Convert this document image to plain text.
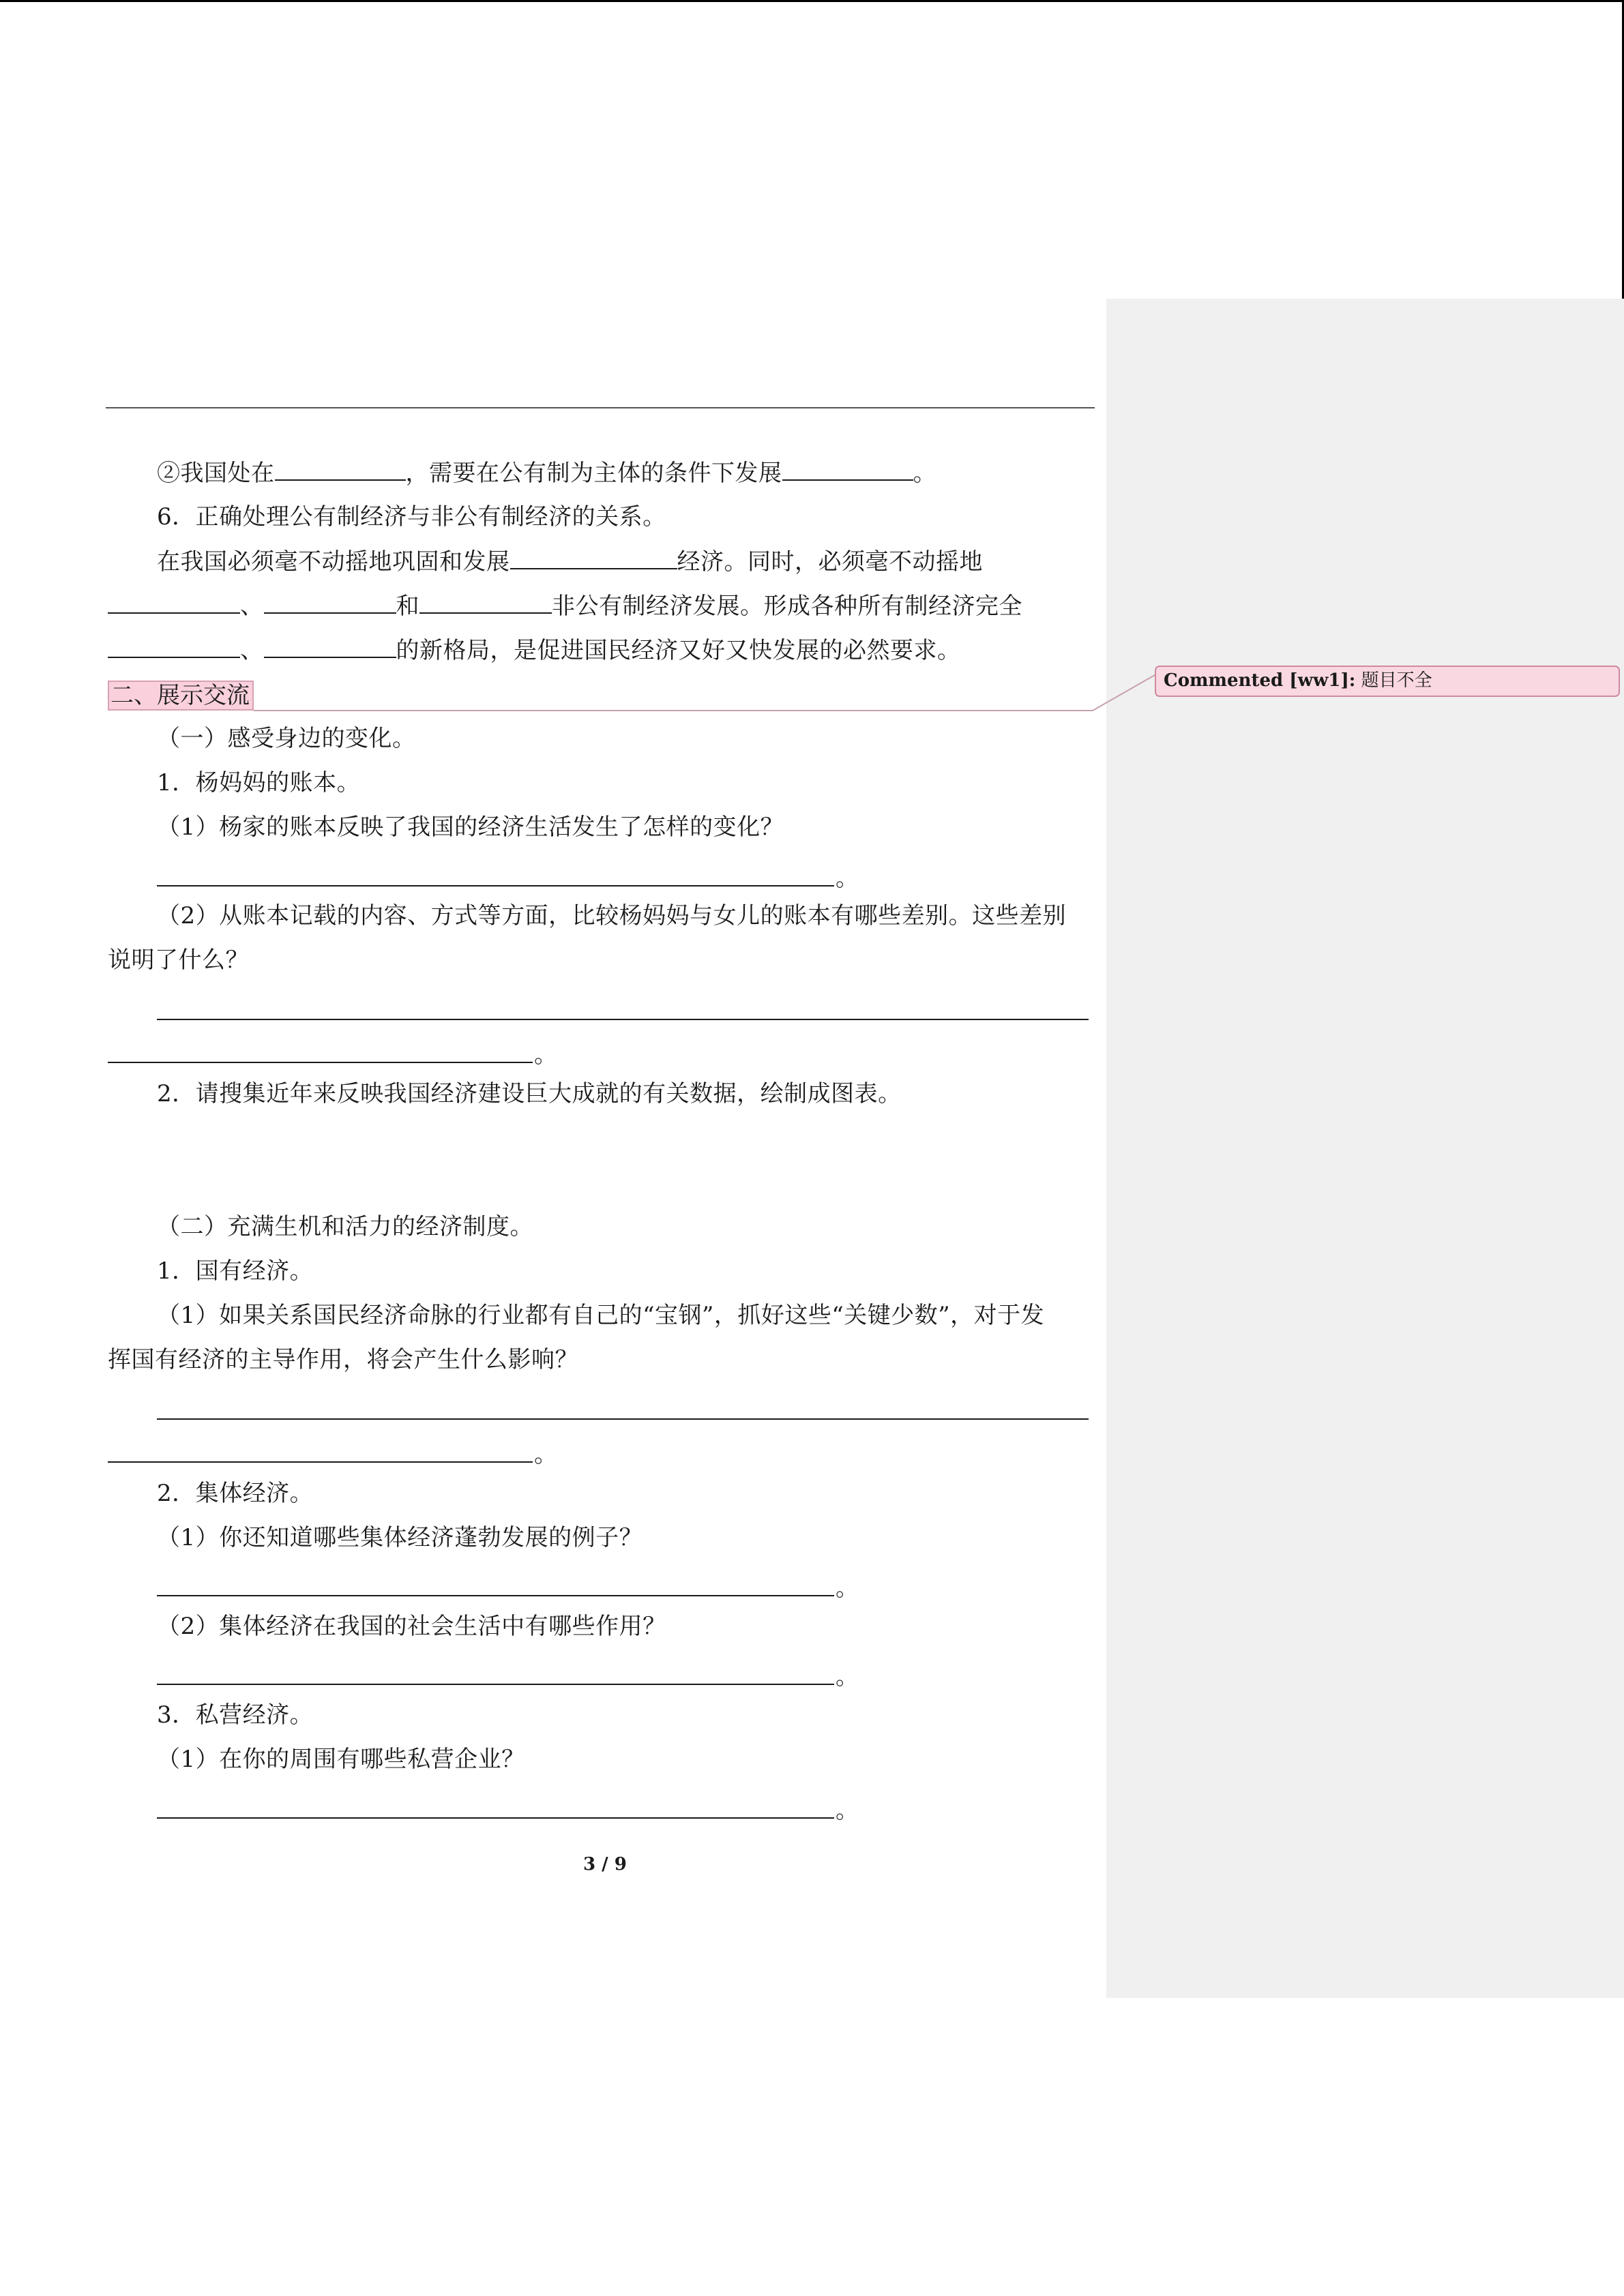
②我国处在	，需要在公有制为主体的条件下发展	。
6．正确处理公有制经济与非公有制经济的关系。
在我国必须毫不动摇地巩固和发展	经济。同时，必须毫不动摇地
、	和	非公有制经济发展。形成各种所有制经济完全
、	的新格局，是促进国民经济又好又快发展的必然要求。
二、展示交流
Commented [ww1]: 题目不全
（一）感受身边的变化。
1．杨妈妈的账本。
（1）杨家的账本反映了我国的经济生活发生了怎样的变化？
。
（2）从账本记载的内容、方式等方面，比较杨妈妈与女儿的账本有哪些差别。这些差别
说明了什么？
。
2．请搜集近年来反映我国经济建设巨大成就的有关数据，绘制成图表。
（二）充满生机和活力的经济制度。
1．国有经济。
（1）如果关系国民经济命脉的行业都有自己的“宝钢”，抓好这些“关键少数”，对于发
挥国有经济的主导作用，将会产生什么影响？
。
2．集体经济。
（1）你还知道哪些集体经济蓬勃发展的例子？
。
（2）集体经济在我国的社会生活中有哪些作用？
。
3．私营经济。
（1）在你的周围有哪些私营企业？
。
3 / 9
